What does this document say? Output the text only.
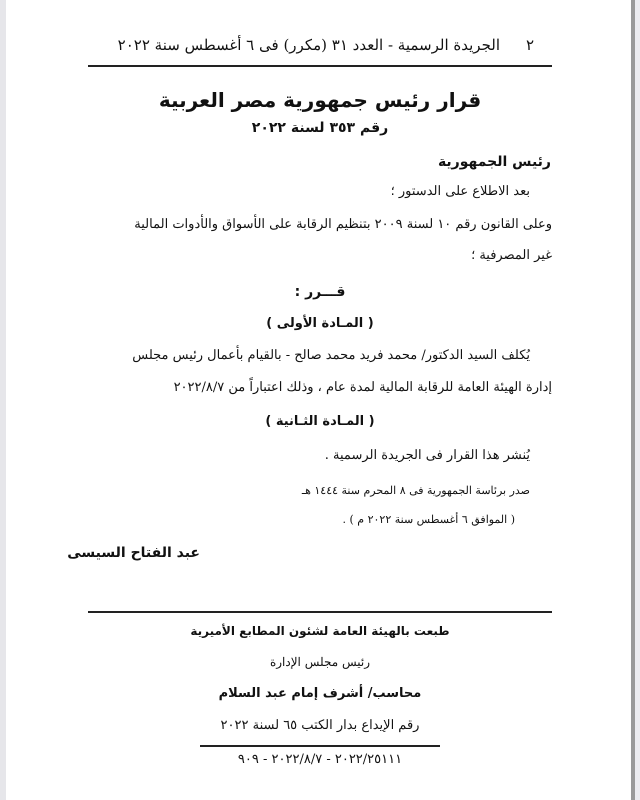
٢
الجريدة الرسمية - العدد ٣١ (مكرر) فى ٦ أغسطس سنة ٢٠٢٢
قرار رئيس جمهورية مصر العربية
رقم ٣٥٣ لسنة ٢٠٢٢
رئيس الجمهورية
بعد الاطلاع على الدستور ؛
وعلى القانون رقم ١٠ لسنة ٢٠٠٩ بتنظيم الرقابة على الأسواق والأدوات المالية
غير المصرفية ؛
قـــرر :
( المـادة الأولى )
يُكلف السيد الدكتور/ محمد فريد محمد صالح - بالقيام بأعمال رئيس مجلس
إدارة الهيئة العامة للرقابة المالية لمدة عام ، وذلك اعتباراً من ٢٠٢٢/٨/٧
( المـادة الثـانية )
يُنشر هذا القرار فى الجريدة الرسمية .
صدر برئاسة الجمهورية فى ٨ المحرم سنة ١٤٤٤ هـ
( الموافق ٦ أغسطس سنة ٢٠٢٢ م ) .
عبد الفتاح السيسى
طبعت بالهيئة العامة لشئون المطابع الأميرية
رئيس مجلس الإدارة
محاسب/ أشرف إمام عبد السلام
رقم الإيداع بدار الكتب ٦٥ لسنة ٢٠٢٢
٢٠٢٢/٢٥١١١ - ٢٠٢٢/٨/٧ - ٩٠٩
